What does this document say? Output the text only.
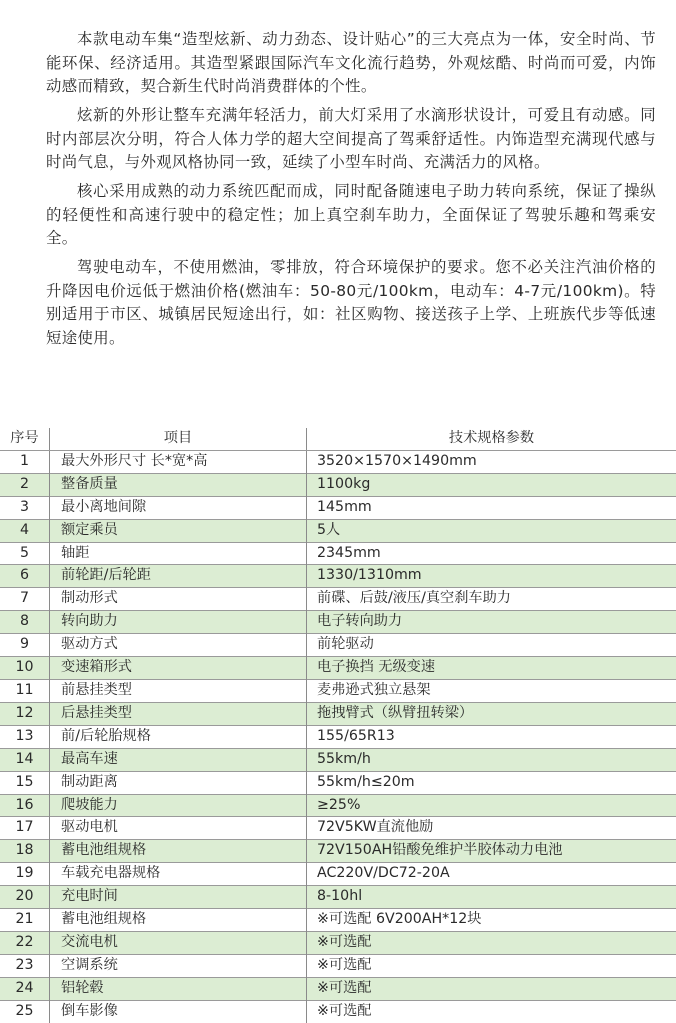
本款电动车集“造型炫新、动力劲态、设计贴心”的三大亮点为一体，安全时尚、节能环保、经济适用。其造型紧跟国际汽车文化流行趋势，外观炫酷、时尚而可爱，内饰动感而精致，契合新生代时尚消费群体的个性。

炫新的外形让整车充满年轻活力，前大灯采用了水滴形状设计，可爱且有动感。同时内部层次分明，符合人体力学的超大空间提高了驾乘舒适性。内饰造型充满现代感与时尚气息，与外观风格协同一致，延续了小型车时尚、充满活力的风格。

核心采用成熟的动力系统匹配而成，同时配备随速电子助力转向系统，保证了操纵的轻便性和高速行驶中的稳定性；加上真空刹车助力，全面保证了驾驶乐趣和驾乘安全。

驾驶电动车，不使用燃油，零排放，符合环境保护的要求。您不必关注汽油价格的升降因电价远低于燃油价格(燃油车：50-80元/100km，电动车：4-7元/100km)。特别适用于市区、城镇居民短途出行，如：社区购物、接送孩子上学、上班族代步等低速短途使用。

序号	项目	技术规格参数
1	最大外形尺寸 长*宽*高	3520×1570×1490mm
2	整备质量	1100kg
3	最小离地间隙	145mm
4	额定乘员	5人
5	轴距	2345mm
6	前轮距/后轮距	1330/1310mm
7	制动形式	前碟、后鼓/液压/真空刹车助力
8	转向助力	电子转向助力
9	驱动方式	前轮驱动
10	变速箱形式	电子换挡 无级变速
11	前悬挂类型	麦弗逊式独立悬架
12	后悬挂类型	拖拽臂式（纵臂扭转梁）
13	前/后轮胎规格	155/65R13
14	最高车速	55km/h
15	制动距离	55km/h≤20m
16	爬坡能力	≥25%
17	驱动电机	72V5KW直流他励
18	蓄电池组规格	72V150AH铅酸免维护半胶体动力电池
19	车载充电器规格	AC220V/DC72-20A
20	充电时间	8-10hl
21	蓄电池组规格	※可选配 6V200AH*12块
22	交流电机	※可选配
23	空调系统	※可选配
24	铝轮毂	※可选配
25	倒车影像	※可选配
